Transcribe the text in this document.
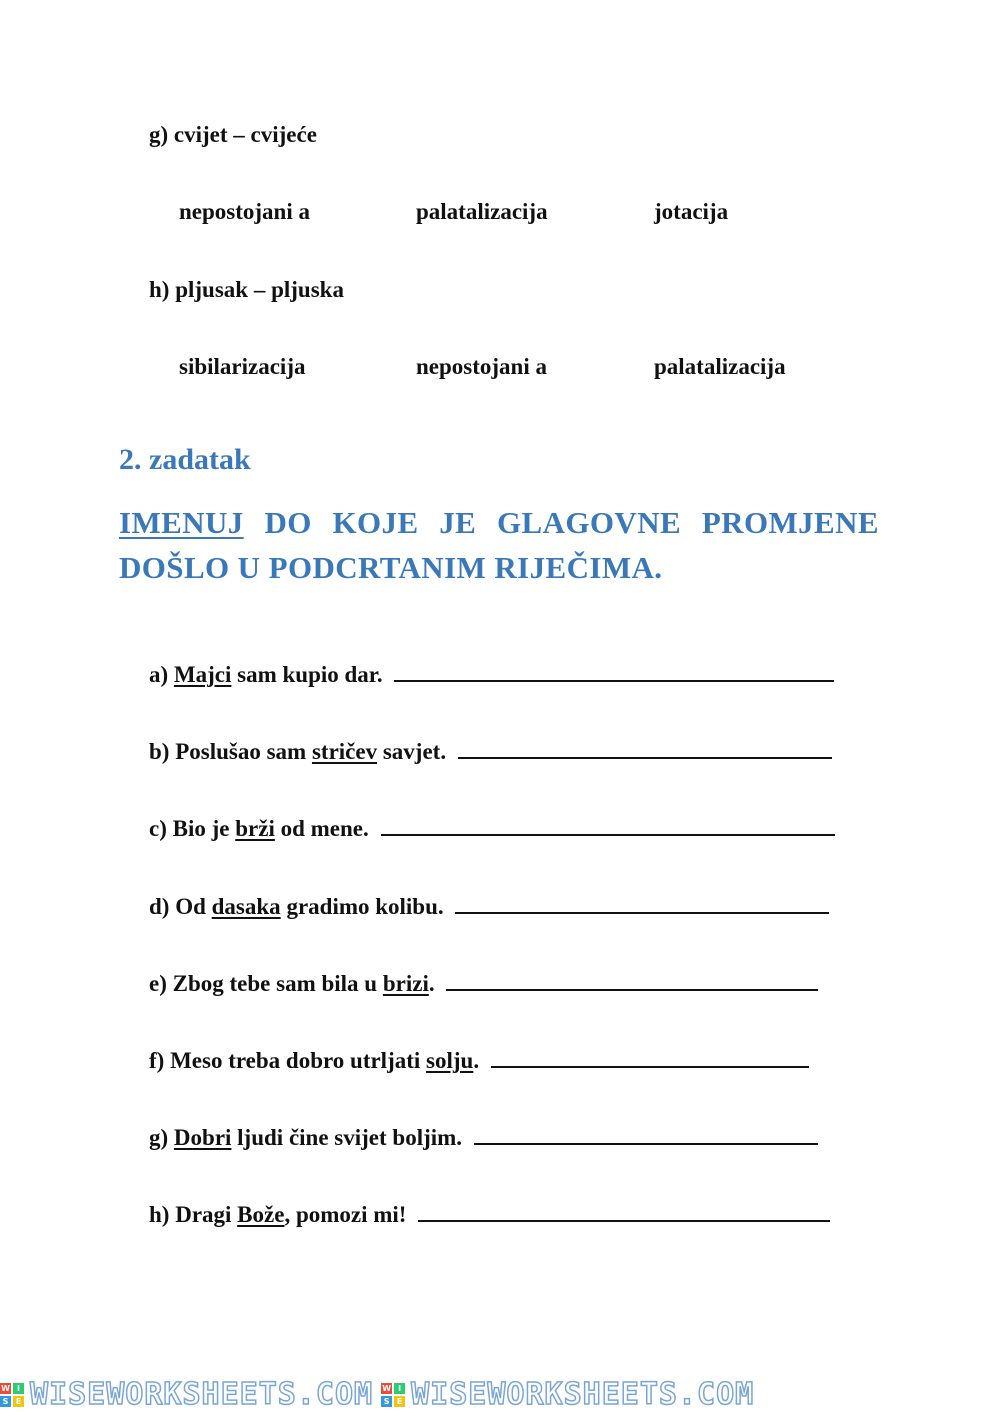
g) cvijet – cvijeće
nepostojani a	palatalizacija	jotacija
h) pljusak – pljuska
sibilarizacija	nepostojani a	palatalizacija
2. zadatak
IMENUJ DO KOJE JE GLAGOVNE PROMJENE
DOŠLO U PODCRTANIM RIJEČIMA.
a) Majci sam kupio dar.
b) Poslušao sam stričev savjet.
c) Bio je brži od mene.
d) Od dasaka gradimo kolibu.
e) Zbog tebe sam bila u brizi.
f) Meso treba dobro utrljati solju.
g) Dobri ljudi čine svijet boljim.
h) Dragi Bože, pomozi mi!
W I
S E WISEWORKSHEETS.COM W I
S E WISEWORKSHEETS.COM
